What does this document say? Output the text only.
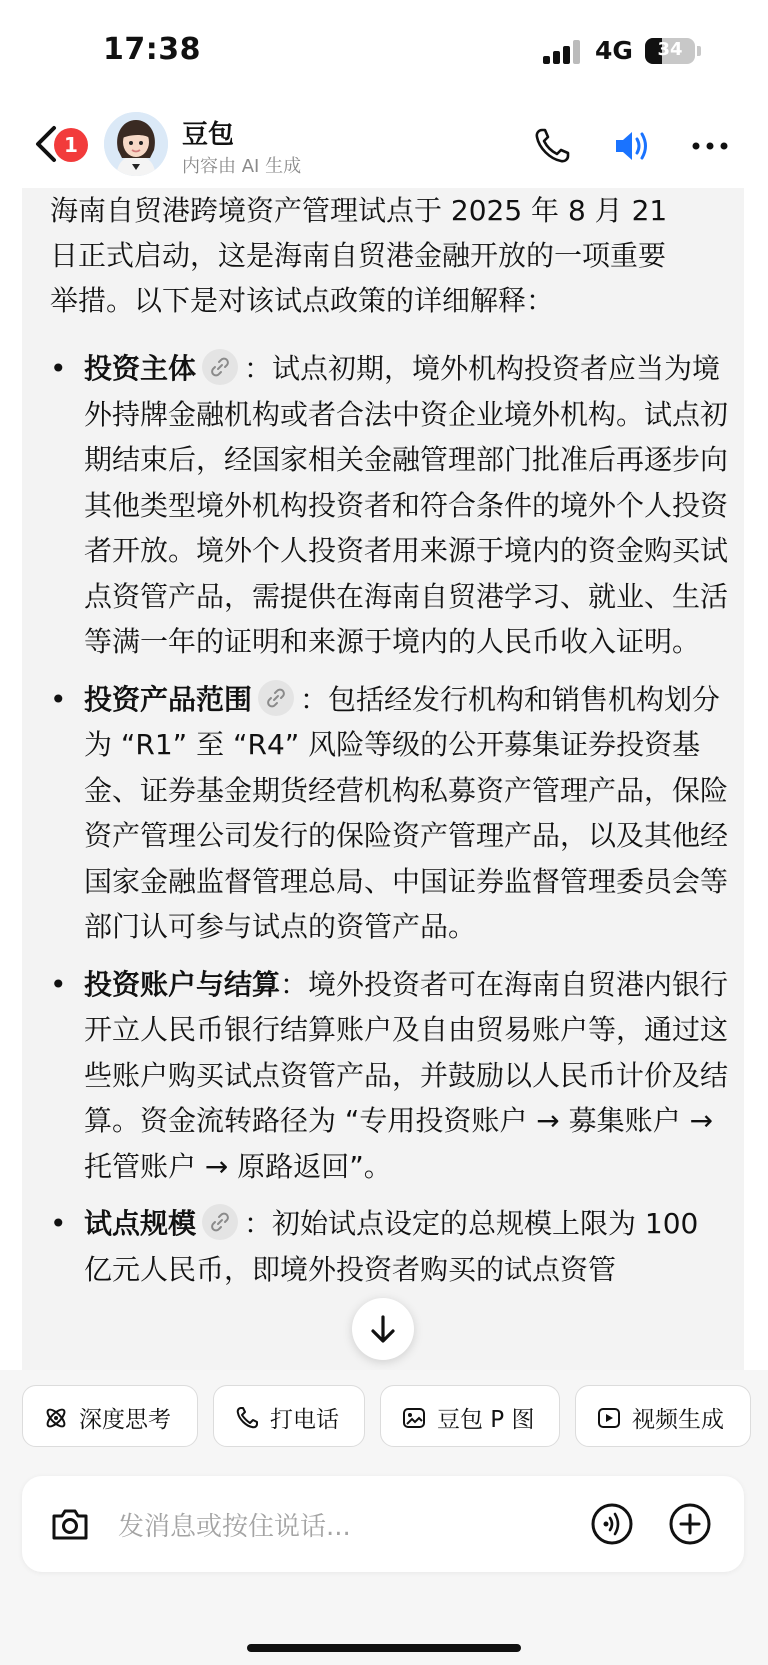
17:38	4G	34
1	豆包
内容由 AI 生成
海南自贸港跨境资产管理试点于 2025 年 8 月 21 日正式启动，这是海南自贸港金融开放的一项重要举措。以下是对该试点政策的详细解释：
• 投资主体 ：试点初期，境外机构投资者应当为境外持牌金融机构或者合法中资企业境外机构。试点初期结束后，经国家相关金融管理部门批准后再逐步向其他类型境外机构投资者和符合条件的境外个人投资者开放。境外个人投资者用来源于境内的资金购买试点资管产品，需提供在海南自贸港学习、就业、生活等满一年的证明和来源于境内的人民币收入证明。
• 投资产品范围 ：包括经发行机构和销售机构划分为 “R1” 至 “R4” 风险等级的公开募集证券投资基金、证券基金期货经营机构私募资产管理产品，保险资产管理公司发行的保险资产管理产品，以及其他经国家金融监督管理总局、中国证券监督管理委员会等部门认可参与试点的资管产品。
• 投资账户与结算：境外投资者可在海南自贸港内银行开立人民币银行结算账户及自由贸易账户等，通过这些账户购买试点资管产品，并鼓励以人民币计价及结算。资金流转路径为 “专用投资账户 → 募集账户 → 托管账户 → 原路返回”。
• 试点规模 ：初始试点设定的总规模上限为 100 亿元人民币，即境外投资者购买的试点资管
深度思考	打电话	豆包 P 图	视频生成
发消息或按住说话...
